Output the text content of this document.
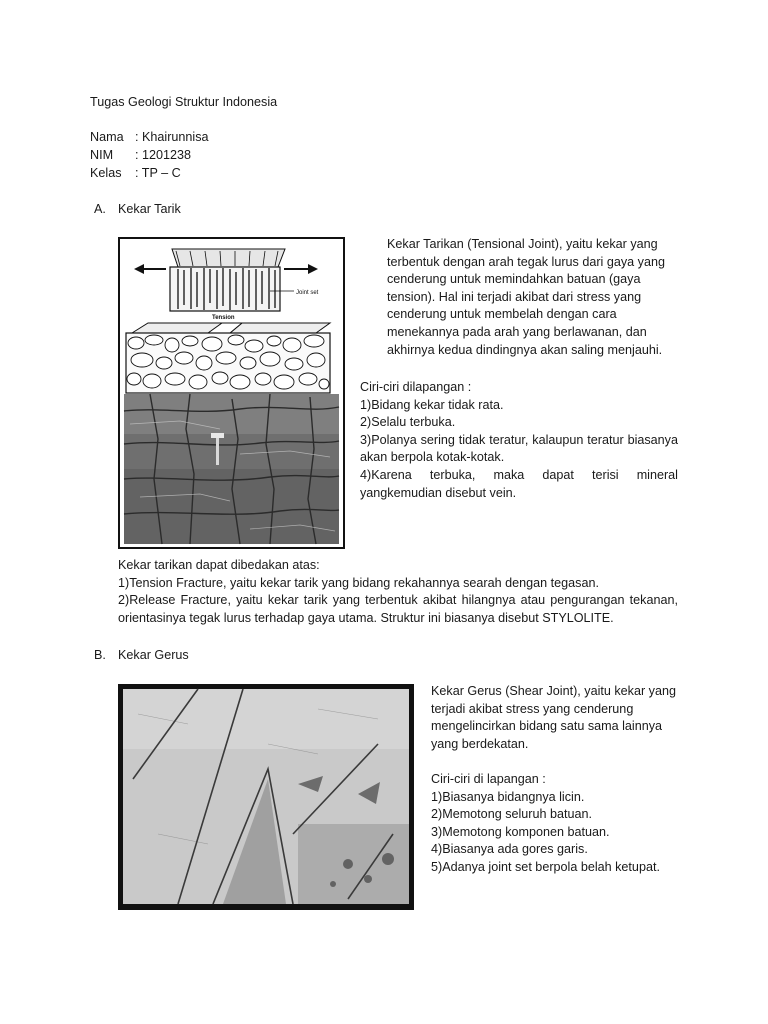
Tugas Geologi Struktur Indonesia
Nama : Khairunnisa
NIM : 1201238
Kelas : TP – C
A. Kekar Tarik
Joint set
Tension
Kekar Tarikan (Tensional Joint), yaitu kekar yang
terbentuk dengan arah tegak lurus dari gaya yang
cenderung untuk memindahkan batuan (gaya
tension). Hal ini terjadi akibat dari stress yang
cenderung untuk membelah dengan cara
menekannya pada arah yang berlawanan, dan
akhirnya kedua dindingnya akan saling menjauhi.
Ciri-ciri dilapangan :
1)Bidang kekar tidak rata.
2)Selalu terbuka.
3)Polanya sering tidak teratur, kalaupun teratur biasanya akan berpola kotak-kotak.
4)Karena terbuka, maka dapat terisi mineral yangkemudian disebut vein.
Kekar tarikan dapat dibedakan atas:
1)Tension Fracture, yaitu kekar tarik yang bidang rekahannya searah dengan tegasan.
2)Release Fracture, yaitu kekar tarik yang terbentuk akibat hilangnya atau pengurangan tekanan, orientasinya tegak lurus terhadap gaya utama. Struktur ini biasanya disebut STYLOLITE.
B. Kekar Gerus
Kekar Gerus (Shear Joint), yaitu kekar yang
terjadi akibat stress yang cenderung
mengelincirkan bidang satu sama lainnya
yang berdekatan.
Ciri-ciri di lapangan :
1)Biasanya bidangnya licin.
2)Memotong seluruh batuan.
3)Memotong komponen batuan.
4)Biasanya ada gores garis.
5)Adanya joint set berpola belah ketupat.
